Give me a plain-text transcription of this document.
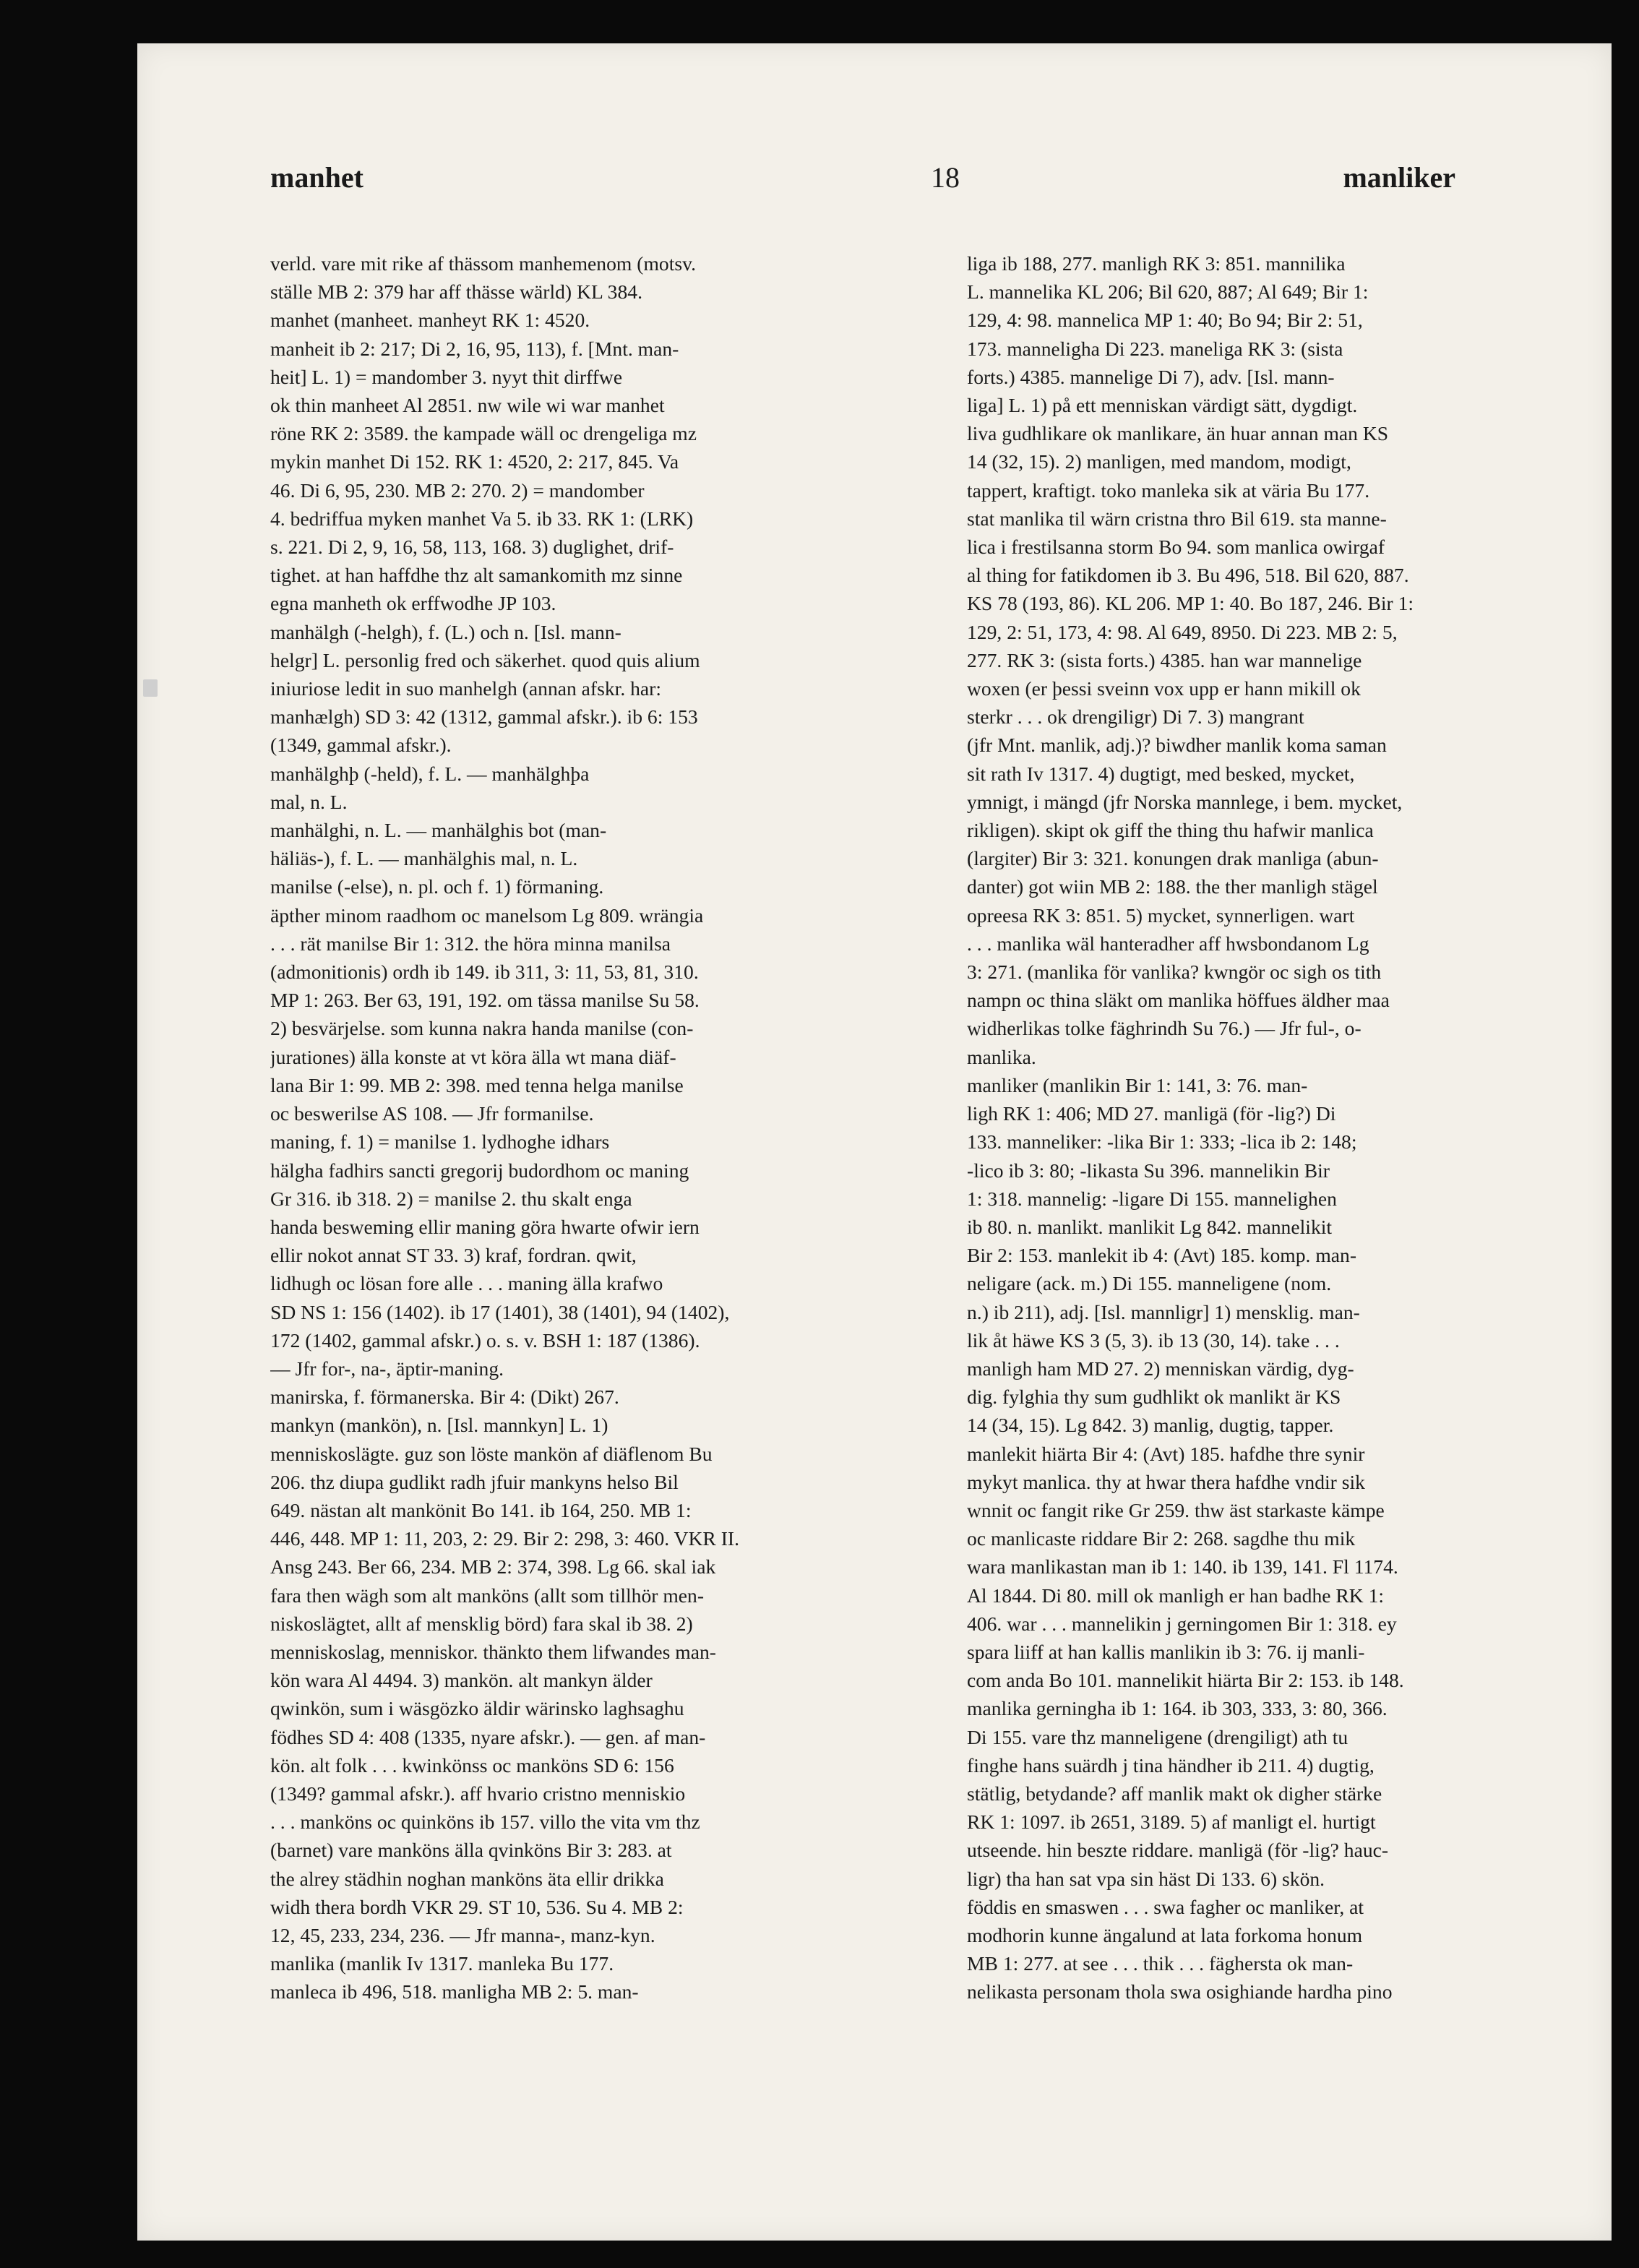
manhet	18	manliker

verld. vare mit rike af thässom manhemenom (motsv.

ställe MB 2: 379 har aff thässe wärld) KL 384.

manhet (manheet. manheyt RK 1: 4520.

manheit ib 2: 217; Di 2, 16, 95, 113), f. [Mnt. man-

heit] L. 1) = mandomber 3. nyyt thit dirffwe

ok thin manheet Al 2851. nw wile wi war manhet

röne RK 2: 3589. the kampade wäll oc drengeliga mz

mykin manhet Di 152. RK 1: 4520, 2: 217, 845. Va

46. Di 6, 95, 230. MB 2: 270. 2) = mandomber

4. bedriffua myken manhet Va 5. ib 33. RK 1: (LRK)

s. 221. Di 2, 9, 16, 58, 113, 168. 3) duglighet, drif-

tighet. at han haffdhe thz alt samankomith mz sinne

egna manheth ok erffwodhe JP 103.

manhälgh (-helgh), f. (L.) och n. [Isl. mann-

helgr] L. personlig fred och säkerhet. quod quis alium

iniuriose ledit in suo manhelgh (annan afskr. har:

manhælgh) SD 3: 42 (1312, gammal afskr.). ib 6: 153

(1349, gammal afskr.).

manhälghþ (-held), f. L. — manhälghþa

mal, n. L.

manhälghi, n. L. — manhälghis bot (man-

häliäs-), f. L. — manhälghis mal, n. L.

manilse (-else), n. pl. och f. 1) förmaning.

äpther minom raadhom oc manelsom Lg 809. wrängia

. . . rät manilse Bir 1: 312. the höra minna manilsa

(admonitionis) ordh ib 149. ib 311, 3: 11, 53, 81, 310.

MP 1: 263. Ber 63, 191, 192. om tässa manilse Su 58.

2) besvärjelse. som kunna nakra handa manilse (con-

jurationes) älla konste at vt köra älla wt mana diäf-

lana Bir 1: 99. MB 2: 398. med tenna helga manilse

oc beswerilse AS 108. — Jfr formanilse.

maning, f. 1) = manilse 1. lydhoghe idhars

hälgha fadhirs sancti gregorij budordhom oc maning

Gr 316. ib 318. 2) = manilse 2. thu skalt enga

handa besweming ellir maning göra hwarte ofwir iern

ellir nokot annat ST 33. 3) kraf, fordran. qwit,

lidhugh oc lösan fore alle . . . maning älla krafwo

SD NS 1: 156 (1402). ib 17 (1401), 38 (1401), 94 (1402),

172 (1402, gammal afskr.) o. s. v. BSH 1: 187 (1386).

— Jfr for-, na-, äptir-maning.

manirska, f. förmanerska. Bir 4: (Dikt) 267.

mankyn (mankön), n. [Isl. mannkyn] L. 1)

menniskoslägte. guz son löste mankön af diäflenom Bu

206. thz diupa gudlikt radh jfuir mankyns helso Bil

649. nästan alt mankönit Bo 141. ib 164, 250. MB 1:

446, 448. MP 1: 11, 203, 2: 29. Bir 2: 298, 3: 460. VKR II.

Ansg 243. Ber 66, 234. MB 2: 374, 398. Lg 66. skal iak

fara then wägh som alt manköns (allt som tillhör men-

niskoslägtet, allt af mensklig börd) fara skal ib 38. 2)

menniskoslag, menniskor. thänkto them lifwandes man-

kön wara Al 4494. 3) mankön. alt mankyn älder

qwinkön, sum i wäsgözko äldir wärinsko laghsaghu

födhes SD 4: 408 (1335, nyare afskr.). — gen. af man-

kön. alt folk . . . kwinkönss oc manköns SD 6: 156

(1349? gammal afskr.). aff hvario cristno menniskio

. . . manköns oc quinköns ib 157. villo the vita vm thz

(barnet) vare manköns älla qvinköns Bir 3: 283. at

the alrey städhin noghan manköns äta ellir drikka

widh thera bordh VKR 29. ST 10, 536. Su 4. MB 2:

12, 45, 233, 234, 236. — Jfr manna-, manz-kyn.

manlika (manlik Iv 1317. manleka Bu 177.

manleca ib 496, 518. manligha MB 2: 5. man-

liga ib 188, 277. manligh RK 3: 851. mannilika

L. mannelika KL 206; Bil 620, 887; Al 649; Bir 1:

129, 4: 98. mannelica MP 1: 40; Bo 94; Bir 2: 51,

173. manneligha Di 223. maneliga RK 3: (sista

forts.) 4385. mannelige Di 7), adv. [Isl. mann-

liga] L. 1) på ett menniskan värdigt sätt, dygdigt.

liva gudhlikare ok manlikare, än huar annan man KS

14 (32, 15). 2) manligen, med mandom, modigt,

tappert, kraftigt. toko manleka sik at väria Bu 177.

stat manlika til wärn cristna thro Bil 619. sta manne-

lica i frestilsanna storm Bo 94. som manlica owirgaf

al thing for fatikdomen ib 3. Bu 496, 518. Bil 620, 887.

KS 78 (193, 86). KL 206. MP 1: 40. Bo 187, 246. Bir 1:

129, 2: 51, 173, 4: 98. Al 649, 8950. Di 223. MB 2: 5,

277. RK 3: (sista forts.) 4385. han war mannelige

woxen (er þessi sveinn vox upp er hann mikill ok

sterkr . . . ok drengiligr) Di 7. 3) mangrant

(jfr Mnt. manlik, adj.)? biwdher manlik koma saman

sit rath Iv 1317. 4) dugtigt, med besked, mycket,

ymnigt, i mängd (jfr Norska mannlege, i bem. mycket,

rikligen). skipt ok giff the thing thu hafwir manlica

(largiter) Bir 3: 321. konungen drak manliga (abun-

danter) got wiin MB 2: 188. the ther manligh stägel

opreesa RK 3: 851. 5) mycket, synnerligen. wart

. . . manlika wäl hanteradher aff hwsbondanom Lg

3: 271. (manlika för vanlika? kwngör oc sigh os tith

nampn oc thina släkt om manlika höffues äldher maa

widherlikas tolke fäghrindh Su 76.) — Jfr ful-, o-

manlika.

manliker (manlikin Bir 1: 141, 3: 76. man-

ligh RK 1: 406; MD 27. manligä (för -lig?) Di

133. manneliker: -lika Bir 1: 333; -lica ib 2: 148;

-lico ib 3: 80; -likasta Su 396. mannelikin Bir

1: 318. mannelig: -ligare Di 155. mannelighen

ib 80. n. manlikt. manlikit Lg 842. mannelikit

Bir 2: 153. manlekit ib 4: (Avt) 185. komp. man-

neligare (ack. m.) Di 155. manneligene (nom.

n.) ib 211), adj. [Isl. mannligr] 1) mensklig. man-

lik åt häwe KS 3 (5, 3). ib 13 (30, 14). take . . .

manligh ham MD 27. 2) menniskan värdig, dyg-

dig. fylghia thy sum gudhlikt ok manlikt är KS

14 (34, 15). Lg 842. 3) manlig, dugtig, tapper.

manlekit hiärta Bir 4: (Avt) 185. hafdhe thre synir

mykyt manlica. thy at hwar thera hafdhe vndir sik

wnnit oc fangit rike Gr 259. thw äst starkaste kämpe

oc manlicaste riddare Bir 2: 268. sagdhe thu mik

wara manlikastan man ib 1: 140. ib 139, 141. Fl 1174.

Al 1844. Di 80. mill ok manligh er han badhe RK 1:

406. war . . . mannelikin j gerningomen Bir 1: 318. ey

spara liiff at han kallis manlikin ib 3: 76. ij manli-

com anda Bo 101. mannelikit hiärta Bir 2: 153. ib 148.

manlika gerningha ib 1: 164. ib 303, 333, 3: 80, 366.

Di 155. vare thz manneligene (drengiligt) ath tu

finghe hans suärdh j tina händher ib 211. 4) dugtig,

stätlig, betydande? aff manlik makt ok digher stärke

RK 1: 1097. ib 2651, 3189. 5) af manligt el. hurtigt

utseende. hin beszte riddare. manligä (för -lig? hauc-

ligr) tha han sat vpa sin häst Di 133. 6) skön.

föddis en smaswen . . . swa fagher oc manliker, at

modhorin kunne ängalund at lata forkoma honum

MB 1: 277. at see . . . thik . . . fäghersta ok man-

nelikasta personam thola swa osighiande hardha pino
